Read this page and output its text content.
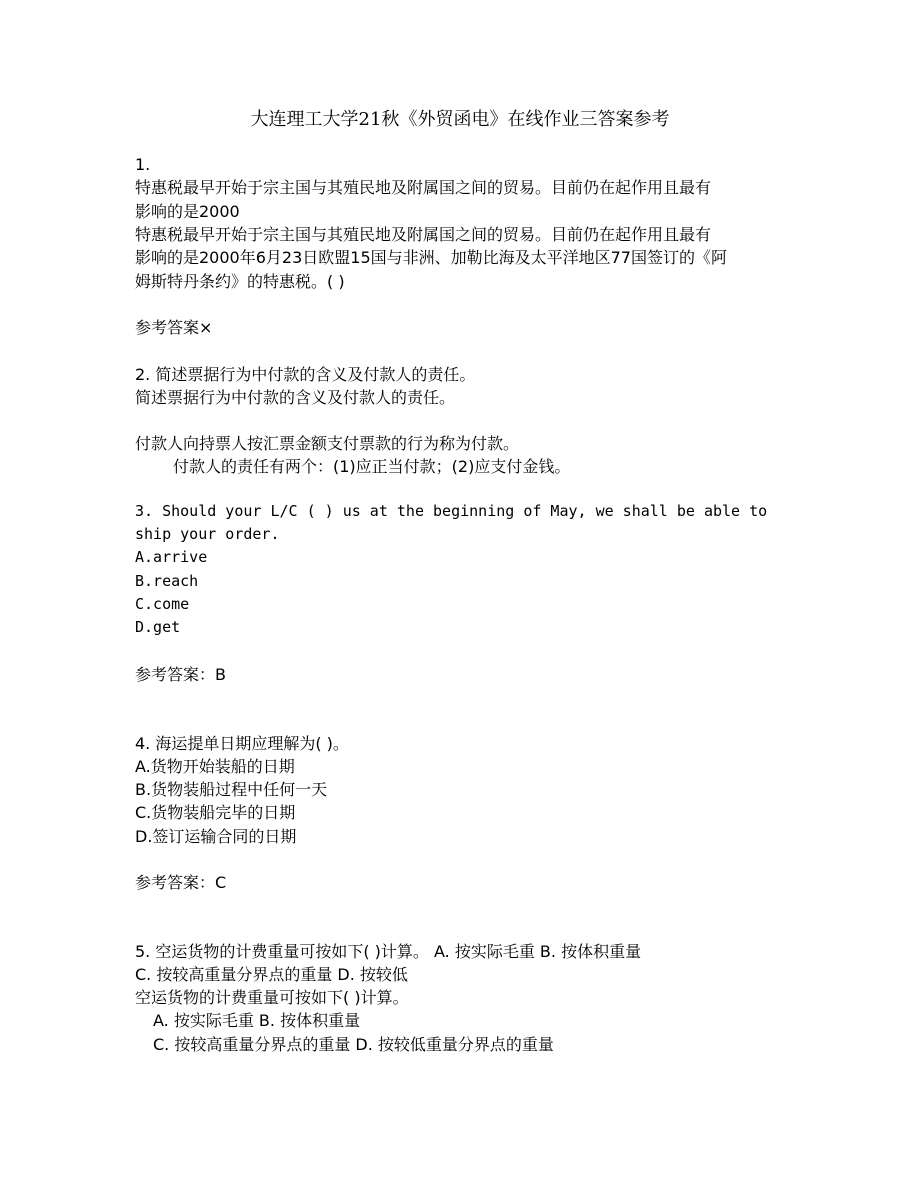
大连理工大学21秋《外贸函电》在线作业三答案参考
1.
特惠税最早开始于宗主国与其殖民地及附属国之间的贸易。目前仍在起作用且最有
影响的是2000
特惠税最早开始于宗主国与其殖民地及附属国之间的贸易。目前仍在起作用且最有
影响的是2000年6月23日欧盟15国与非洲、加勒比海及太平洋地区77国签订的《阿
姆斯特丹条约》的特惠税。( )
参考答案×
2. 简述票据行为中付款的含义及付款人的责任。
简述票据行为中付款的含义及付款人的责任。
付款人向持票人按汇票金额支付票款的行为称为付款。
付款人的责任有两个：(1)应正当付款；(2)应支付金钱。
3. Should your L/C ( ) us at the beginning of May, we shall be able to
ship your order.
A.arrive
B.reach
C.come
D.get
参考答案：B
4. 海运提单日期应理解为( )。
A.货物开始装船的日期
B.货物装船过程中任何一天
C.货物装船完毕的日期
D.签订运输合同的日期
参考答案：C
5. 空运货物的计费重量可按如下( )计算。 A. 按实际毛重 B. 按体积重量
C. 按较高重量分界点的重量 D. 按较低
空运货物的计费重量可按如下( )计算。
A. 按实际毛重 B. 按体积重量
C. 按较高重量分界点的重量 D. 按较低重量分界点的重量
